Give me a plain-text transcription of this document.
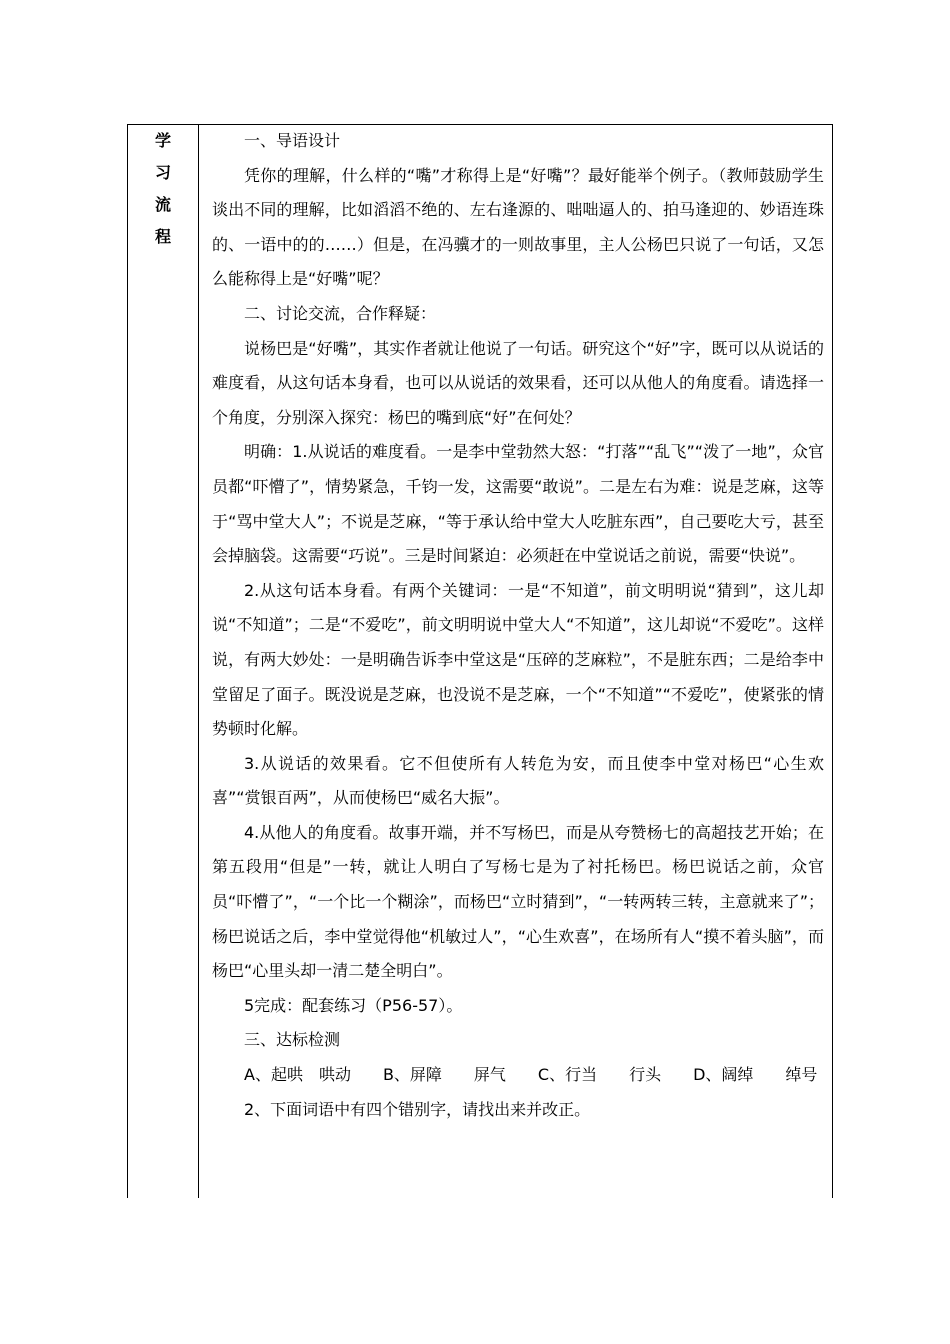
学
习
流
程

一、导语设计

凭你的理解，什么样的“嘴”才称得上是“好嘴”？最好能举个例子。（教师鼓励学生谈出不同的理解，比如滔滔不绝的、左右逢源的、咄咄逼人的、拍马逢迎的、妙语连珠的、一语中的的……）但是，在冯骥才的一则故事里，主人公杨巴只说了一句话，又怎么能称得上是“好嘴”呢？

二、讨论交流，合作释疑：

说杨巴是“好嘴”，其实作者就让他说了一句话。研究这个“好”字，既可以从说话的难度看，从这句话本身看，也可以从说话的效果看，还可以从他人的角度看。请选择一个角度，分别深入探究：杨巴的嘴到底“好”在何处？

明确：1.从说话的难度看。一是李中堂勃然大怒：“打落”“乱飞”“泼了一地”，众官员都“吓懵了”，情势紧急，千钧一发，这需要“敢说”。二是左右为难：说是芝麻，这等于“骂中堂大人”；不说是芝麻，“等于承认给中堂大人吃脏东西”，自己要吃大亏，甚至会掉脑袋。这需要“巧说”。三是时间紧迫：必须赶在中堂说话之前说，需要“快说”。

2.从这句话本身看。有两个关键词：一是“不知道”，前文明明说“猜到”，这儿却说“不知道”；二是“不爱吃”，前文明明说中堂大人“不知道”，这儿却说“不爱吃”。这样说，有两大妙处：一是明确告诉李中堂这是“压碎的芝麻粒”，不是脏东西；二是给李中堂留足了面子。既没说是芝麻，也没说不是芝麻，一个“不知道”“不爱吃”，使紧张的情势顿时化解。

3.从说话的效果看。它不但使所有人转危为安，而且使李中堂对杨巴“心生欢喜”“赏银百两”，从而使杨巴“威名大振”。

4.从他人的角度看。故事开端，并不写杨巴，而是从夸赞杨七的高超技艺开始；在第五段用“但是”一转，就让人明白了写杨七是为了衬托杨巴。杨巴说话之前，众官员“吓懵了”，“一个比一个糊涂”，而杨巴“立时猜到”，“一转两转三转，主意就来了”；杨巴说话之后，李中堂觉得他“机敏过人”，“心生欢喜”，在场所有人“摸不着头脑”，而杨巴“心里头却一清二楚全明白”。

5完成：配套练习（P56-57）。

三、达标检测

A、起哄　哄动　　B、屏障　　屏气　　C、行当　　行头　　D、阔绰　　绰号

2、下面词语中有四个错别字，请找出来并改正。
